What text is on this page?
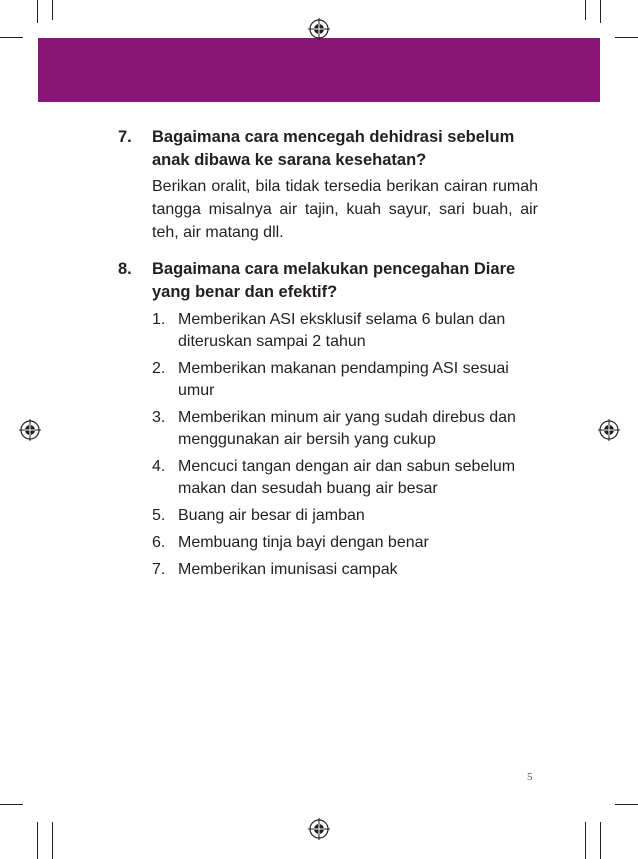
7. Bagaimana cara mencegah dehidrasi sebelum anak dibawa ke sarana kesehatan?
Berikan oralit, bila tidak tersedia berikan cairan rumah tangga misalnya air tajin, kuah sayur, sari buah, air teh, air matang dll.
8. Bagaimana cara melakukan pencegahan Diare yang benar dan efektif?
1. Memberikan ASI eksklusif selama 6 bulan dan diteruskan sampai 2 tahun
2. Memberikan makanan pendamping ASI sesuai umur
3. Memberikan minum air yang sudah direbus dan menggunakan air bersih yang cukup
4. Mencuci tangan dengan air dan sabun sebelum makan dan sesudah buang air besar
5. Buang air besar di jamban
6. Membuang tinja bayi dengan benar
7. Memberikan imunisasi campak
5
